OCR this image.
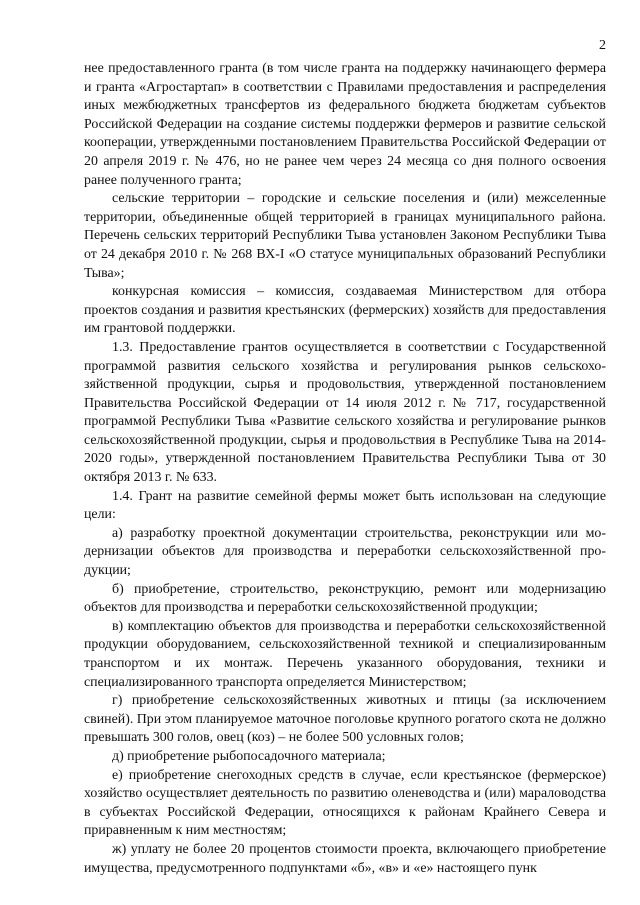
2

нее предоставленного гранта (в том числе гранта на поддержку начинающего фермера и гранта «Агростартап» в соответствии с Правилами предоставления и распределения иных межбюджетных трансфертов из федерального бюджета бюджетам субъектов Российской Федерации на создание системы поддержки фермеров и развитие сельской кооперации, утвержденными постановлением Правительства Российской Федерации от 20 апреля 2019 г. № 476, но не ранее чем через 24 месяца со дня полного освоения ранее полученного гранта;

сельские территории – городские и сельские поселения и (или) межселенные территории, объединенные общей территорией в границах муниципального района. Перечень сельских территорий Республики Тыва установлен Законом Республики Тыва от 24 декабря 2010 г. № 268 ВХ-I «О статусе муниципальных образований Республики Тыва»;

конкурсная комиссия – комиссия, создаваемая Министерством для отбора проектов создания и развития крестьянских (фермерских) хозяйств для предоставления им грантовой поддержки.

1.3. Предоставление грантов осуществляется в соответствии с Государственной программой развития сельского хозяйства и регулирования рынков сельскохозяйственной продукции, сырья и продовольствия, утвержденной постановлением Правительства Российской Федерации от 14 июля 2012 г. № 717, государственной программой Республики Тыва «Развитие сельского хозяйства и регулирование рынков сельскохозяйственной продукции, сырья и продовольствия в Республике Тыва на 2014-2020 годы», утвержденной постановлением Правительства Республики Тыва от 30 октября 2013 г. № 633.

1.4. Грант на развитие семейной фермы может быть использован на следующие цели:

а) разработку проектной документации строительства, реконструкции или модернизации объектов для производства и переработки сельскохозяйственной продукции;

б) приобретение, строительство, реконструкцию, ремонт или модернизацию объектов для производства и переработки сельскохозяйственной продукции;

в) комплектацию объектов для производства и переработки сельскохозяйственной продукции оборудованием, сельскохозяйственной техникой и специализированным транспортом и их монтаж. Перечень указанного оборудования, техники и специализированного транспорта определяется Министерством;

г) приобретение сельскохозяйственных животных и птицы (за исключением свиней). При этом планируемое маточное поголовье крупного рогатого скота не должно превышать 300 голов, овец (коз) – не более 500 условных голов;

д) приобретение рыбопосадочного материала;

е) приобретение снегоходных средств в случае, если крестьянское (фермерское) хозяйство осуществляет деятельность по развитию оленеводства и (или) мараловодства в субъектах Российской Федерации, относящихся к районам Крайнего Севера и приравненным к ним местностям;

ж) уплату не более 20 процентов стоимости проекта, включающего приобретение имущества, предусмотренного подпунктами «б», «в» и «е» настоящего пунк
